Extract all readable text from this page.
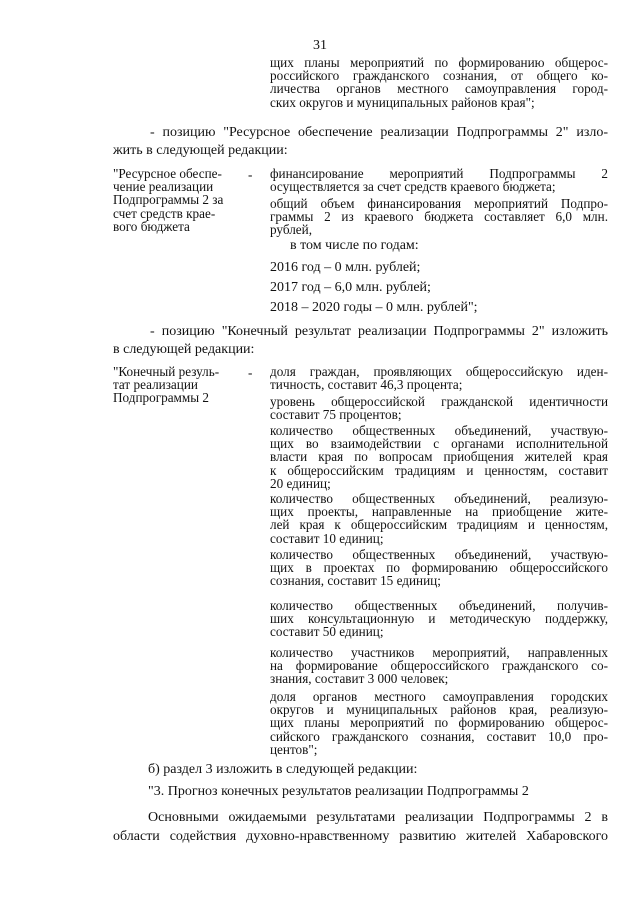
31
щих планы мероприятий по формированию общерос-
российского гражданского сознания, от общего ко-
личества органов местного самоуправления город-
ских округов и муниципальных районов края";
- позицию "Ресурсное обеспечение реализации Подпрограммы 2" изло-
жить в следующей редакции:
"Ресурсное обеспе-
чение реализации
Подпрограммы 2 за
счет средств крае-
вого бюджета
- финансирование мероприятий Подпрограммы 2
осуществляется за счет средств краевого бюджета;
общий объем финансирования мероприятий Подпро-
граммы 2 из краевого бюджета составляет 6,0 млн.
рублей,
в том числе по годам:
2016 год – 0 млн. рублей;
2017 год – 6,0 млн. рублей;
2018 – 2020 годы – 0 млн. рублей";
- позицию "Конечный результат реализации Подпрограммы 2" изложить
в следующей редакции:
"Конечный резуль-
тат реализации
Подпрограммы 2
- доля граждан, проявляющих общероссийскую иден-
тичность, составит 46,3 процента;
уровень общероссийской гражданской идентичности
составит 75 процентов;
количество общественных объединений, участвую-
щих во взаимодействии с органами исполнительной
власти края по вопросам приобщения жителей края
к общероссийским традициям и ценностям, составит
20 единиц;
количество общественных объединений, реализую-
щих проекты, направленные на приобщение жите-
лей края к общероссийским традициям и ценностям,
составит 10 единиц;
количество общественных объединений, участвую-
щих в проектах по формированию общероссийского
сознания, составит 15 единиц;
количество общественных объединений, получив-
ших консультационную и методическую поддержку,
составит 50 единиц;
количество участников мероприятий, направленных
на формирование общероссийского гражданского со-
знания, составит 3 000 человек;
доля органов местного самоуправления городских
округов и муниципальных районов края, реализую-
щих планы мероприятий по формированию общерос-
сийского гражданского сознания, составит 10,0 про-
центов";
б) раздел 3 изложить в следующей редакции:
"3. Прогноз конечных результатов реализации Подпрограммы 2
Основными ожидаемыми результатами реализации Подпрограммы 2 в
области содействия духовно-нравственному развитию жителей Хабаровского
